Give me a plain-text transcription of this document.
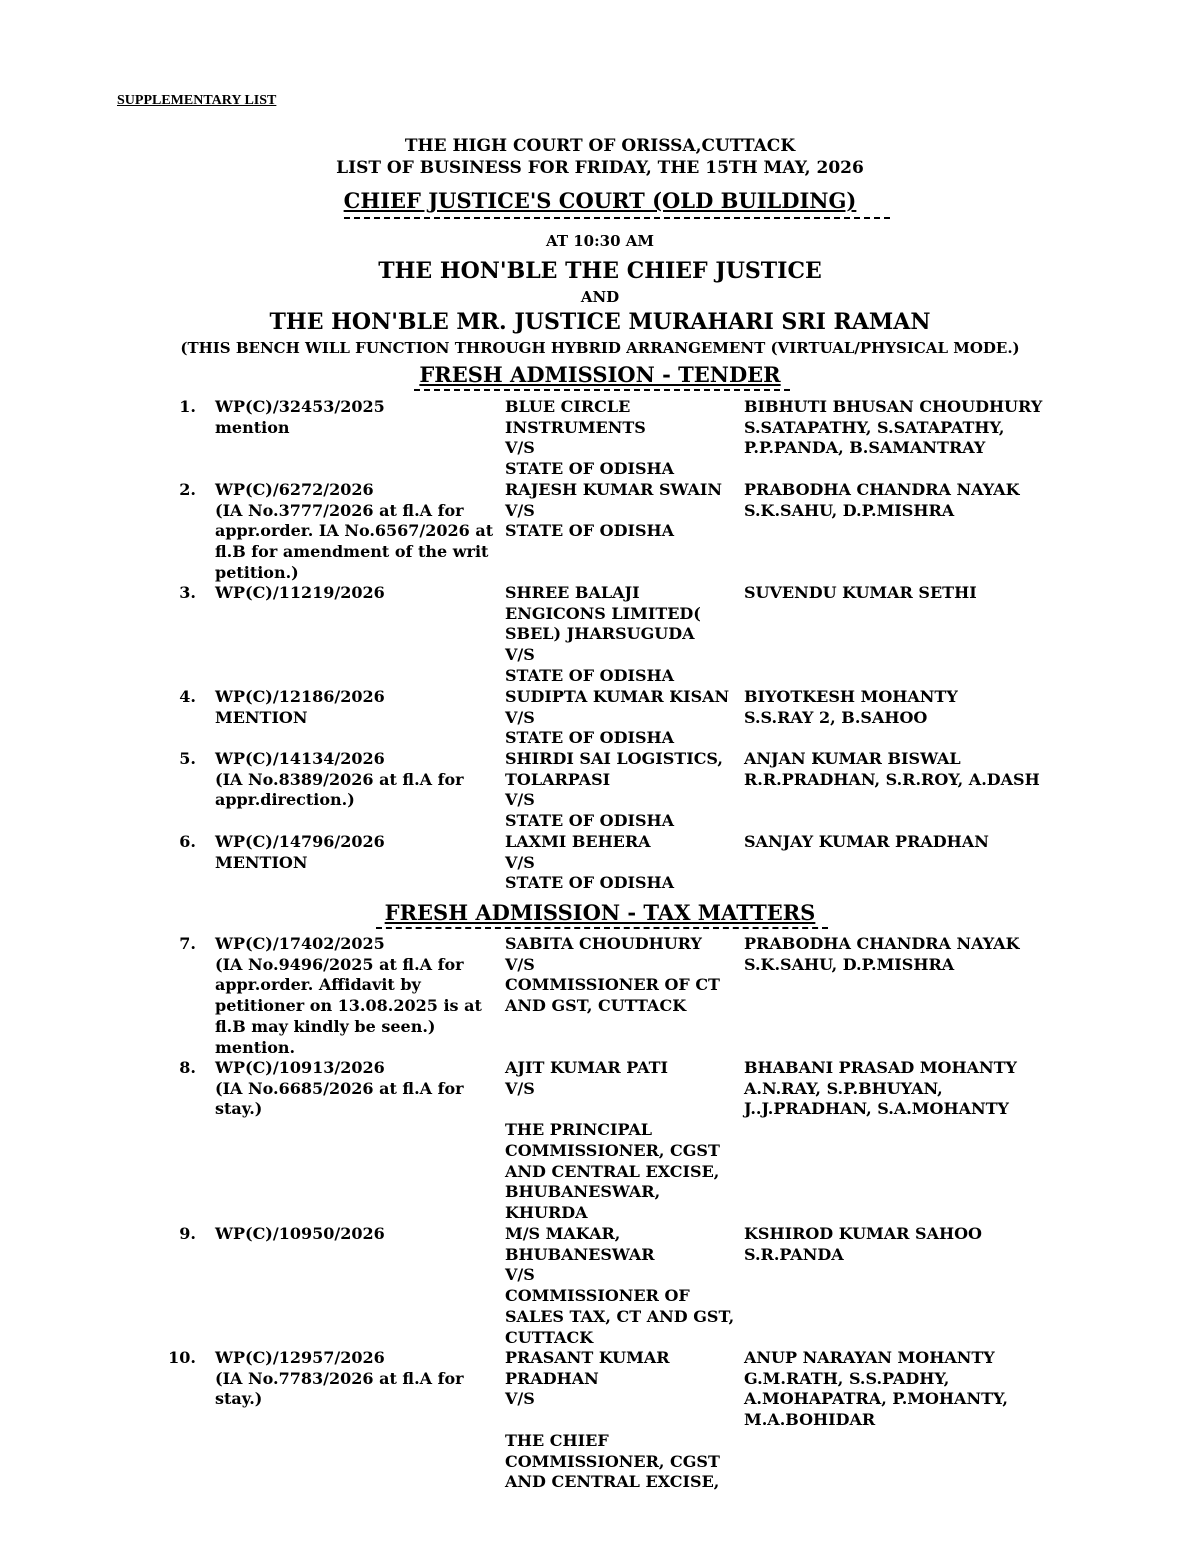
SUPPLEMENTARY LIST
THE HIGH COURT OF ORISSA,CUTTACK
LIST OF BUSINESS FOR FRIDAY, THE 15TH MAY, 2026
CHIEF JUSTICE'S COURT (OLD BUILDING)
AT 10:30 AM
THE HON'BLE THE CHIEF JUSTICE
AND
THE HON'BLE MR. JUSTICE MURAHARI SRI RAMAN
(THIS BENCH WILL FUNCTION THROUGH HYBRID ARRANGEMENT (VIRTUAL/PHYSICAL MODE.)
FRESH ADMISSION - TENDER
1. WP(C)/32453/2025
mention
BLUE CIRCLE
INSTRUMENTS
V/S
STATE OF ODISHA
BIBHUTI BHUSAN CHOUDHURY
S.SATAPATHY, S.SATAPATHY,
P.P.PANDA, B.SAMANTRAY
2. WP(C)/6272/2026
(IA No.3777/2026 at fl.A for
appr.order. IA No.6567/2026 at
fl.B for amendment of the writ
petition.)
RAJESH KUMAR SWAIN
V/S
STATE OF ODISHA
PRABODHA CHANDRA NAYAK
S.K.SAHU, D.P.MISHRA
3. WP(C)/11219/2026	SHREE BALAJI
ENGICONS LIMITED(
SBEL) JHARSUGUDA
V/S
STATE OF ODISHA
SUVENDU KUMAR SETHI
4. WP(C)/12186/2026
MENTION
SUDIPTA KUMAR KISAN
V/S
STATE OF ODISHA
BIYOTKESH MOHANTY
S.S.RAY 2, B.SAHOO
5. WP(C)/14134/2026
(IA No.8389/2026 at fl.A for
appr.direction.)
SHIRDI SAI LOGISTICS,
TOLARPASI
V/S
STATE OF ODISHA
ANJAN KUMAR BISWAL
R.R.PRADHAN, S.R.ROY, A.DASH
6. WP(C)/14796/2026
MENTION
LAXMI BEHERA
V/S
STATE OF ODISHA
SANJAY KUMAR PRADHAN
FRESH ADMISSION - TAX MATTERS
7. WP(C)/17402/2025
(IA No.9496/2025 at fl.A for
appr.order. Affidavit by
petitioner on 13.08.2025 is at
fl.B may kindly be seen.)
mention.
SABITA CHOUDHURY
V/S
COMMISSIONER OF CT
AND GST, CUTTACK
PRABODHA CHANDRA NAYAK
S.K.SAHU, D.P.MISHRA
8. WP(C)/10913/2026
(IA No.6685/2026 at fl.A for
stay.)
AJIT KUMAR PATI
V/S

THE PRINCIPAL
COMMISSIONER, CGST
AND CENTRAL EXCISE,
BHUBANESWAR,
KHURDA
BHABANI PRASAD MOHANTY
A.N.RAY, S.P.BHUYAN,
J..J.PRADHAN, S.A.MOHANTY
9. WP(C)/10950/2026	M/S MAKAR,
BHUBANESWAR
V/S
COMMISSIONER OF
SALES TAX, CT AND GST,
CUTTACK
KSHIROD KUMAR SAHOO
S.R.PANDA
10. WP(C)/12957/2026
(IA No.7783/2026 at fl.A for
stay.)
PRASANT KUMAR
PRADHAN
V/S

THE CHIEF
COMMISSIONER, CGST
AND CENTRAL EXCISE,
ANUP NARAYAN MOHANTY
G.M.RATH, S.S.PADHY,
A.MOHAPATRA, P.MOHANTY,
M.A.BOHIDAR
